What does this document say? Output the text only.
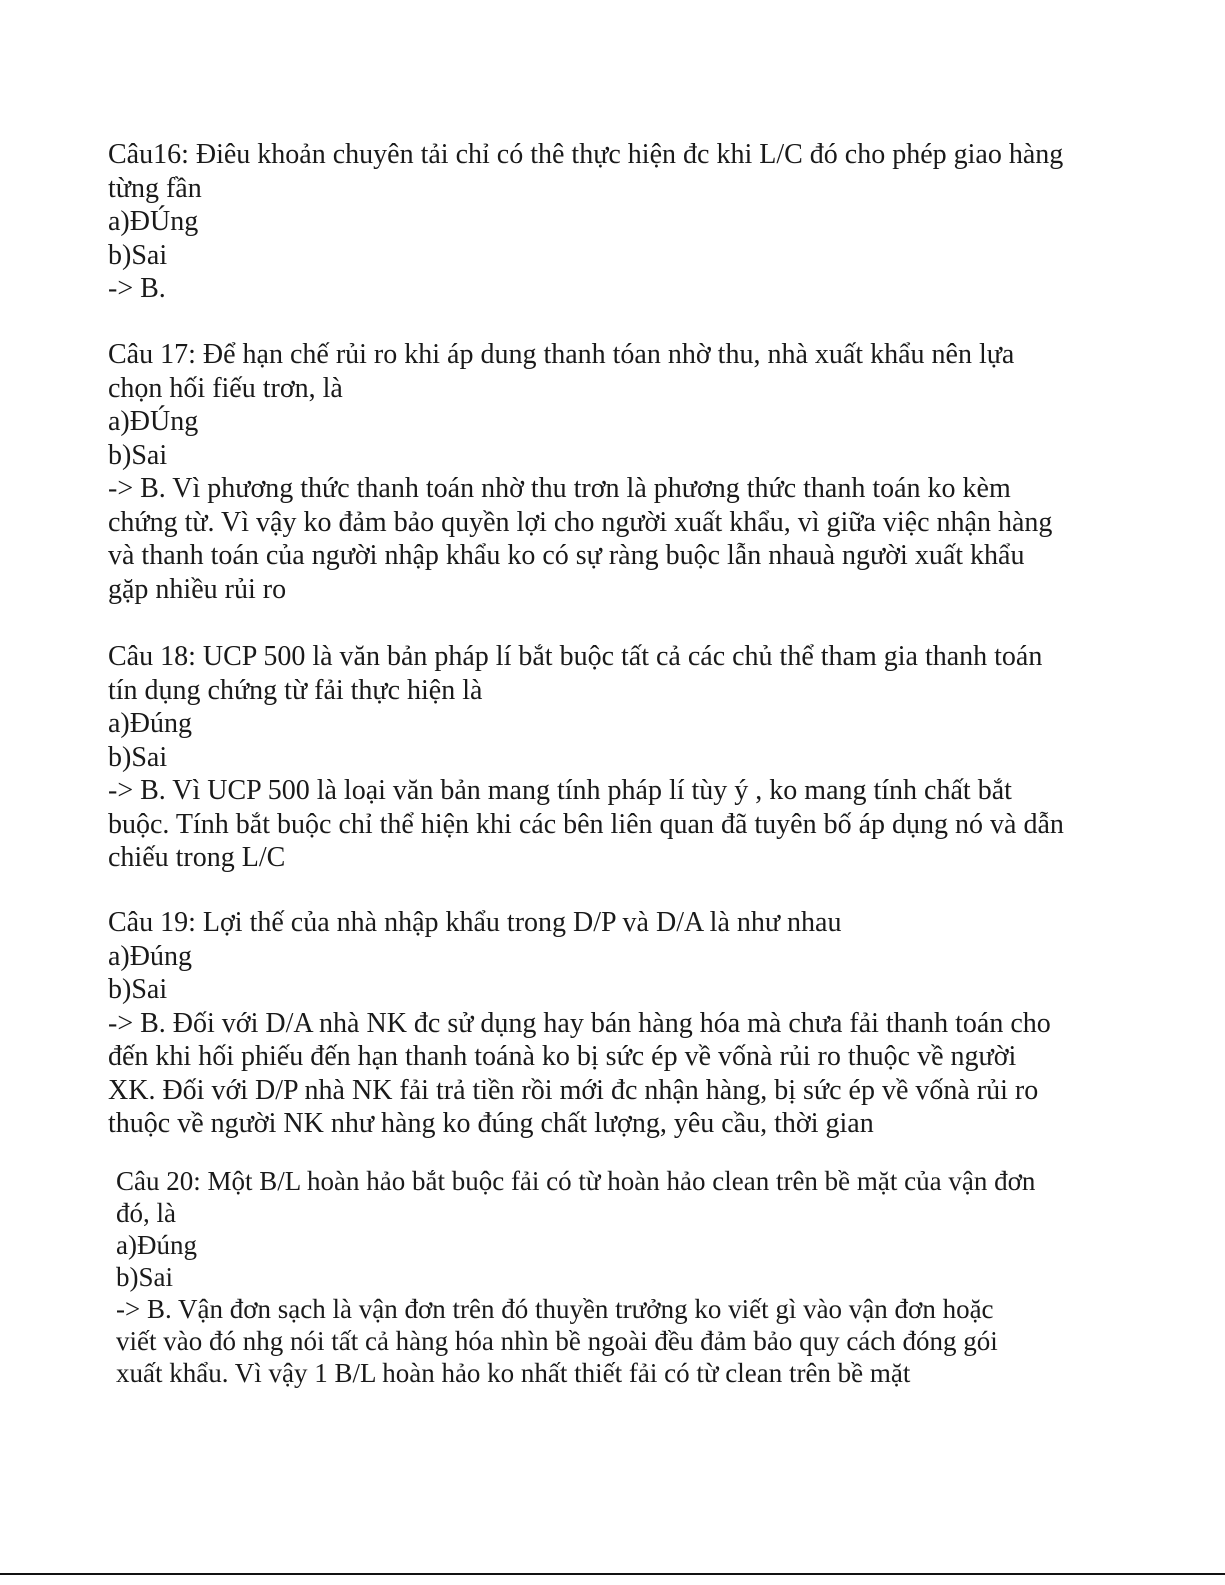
Câu16: Điêu khoản chuyên tải chỉ có thê thực hiện đc khi L/C đó cho phép giao hàng từng fần
a)ĐÚng
b)Sai
-> B.
Câu 17: Để hạn chế rủi ro khi áp dung thanh tóan nhờ thu, nhà xuất khẩu nên lựa chọn hối fiếu trơn, là
a)ĐÚng
b)Sai
-> B. Vì phương thức thanh toán nhờ thu trơn là phương thức thanh toán ko kèm chứng từ. Vì vậy ko đảm bảo quyền lợi cho người xuất khẩu, vì giữa việc nhận hàng và thanh toán của người nhập khẩu ko có sự ràng buộc lẫn nhauà người xuất khẩu gặp nhiều rủi ro
Câu 18: UCP 500 là văn bản pháp lí bắt buộc tất cả các chủ thể tham gia thanh toán tín dụng chứng từ fải thực hiện là
a)Đúng
b)Sai
-> B. Vì UCP 500 là loại văn bản mang tính pháp lí tùy ý , ko mang tính chất bắt buộc. Tính bắt buộc chỉ thể hiện khi các bên liên quan đã tuyên bố áp dụng nó và dẫn chiếu trong L/C
Câu 19: Lợi thế của nhà nhập khẩu trong D/P và D/A là như nhau
a)Đúng
b)Sai
-> B. Đối với D/A nhà NK đc sử dụng hay bán hàng hóa mà chưa fải thanh toán cho đến khi hối phiếu đến hạn thanh toánà ko bị sức ép về vốnà rủi ro thuộc về người XK. Đối với D/P nhà NK fải trả tiền rồi mới đc nhận hàng, bị sức ép về vốnà rủi ro thuộc về người NK như hàng ko đúng chất lượng, yêu cầu, thời gian
Câu 20: Một B/L hoàn hảo bắt buộc fải có từ hoàn hảo clean trên bề mặt của vận đơn đó, là
a)Đúng
b)Sai
-> B. Vận đơn sạch là vận đơn trên đó thuyền trưởng ko viết gì vào vận đơn hoặc viết vào đó nhg nói tất cả hàng hóa nhìn bề ngoài đều đảm bảo quy cách đóng gói xuất khẩu. Vì vậy 1 B/L hoàn hảo ko nhất thiết fải có từ clean trên bề mặt
